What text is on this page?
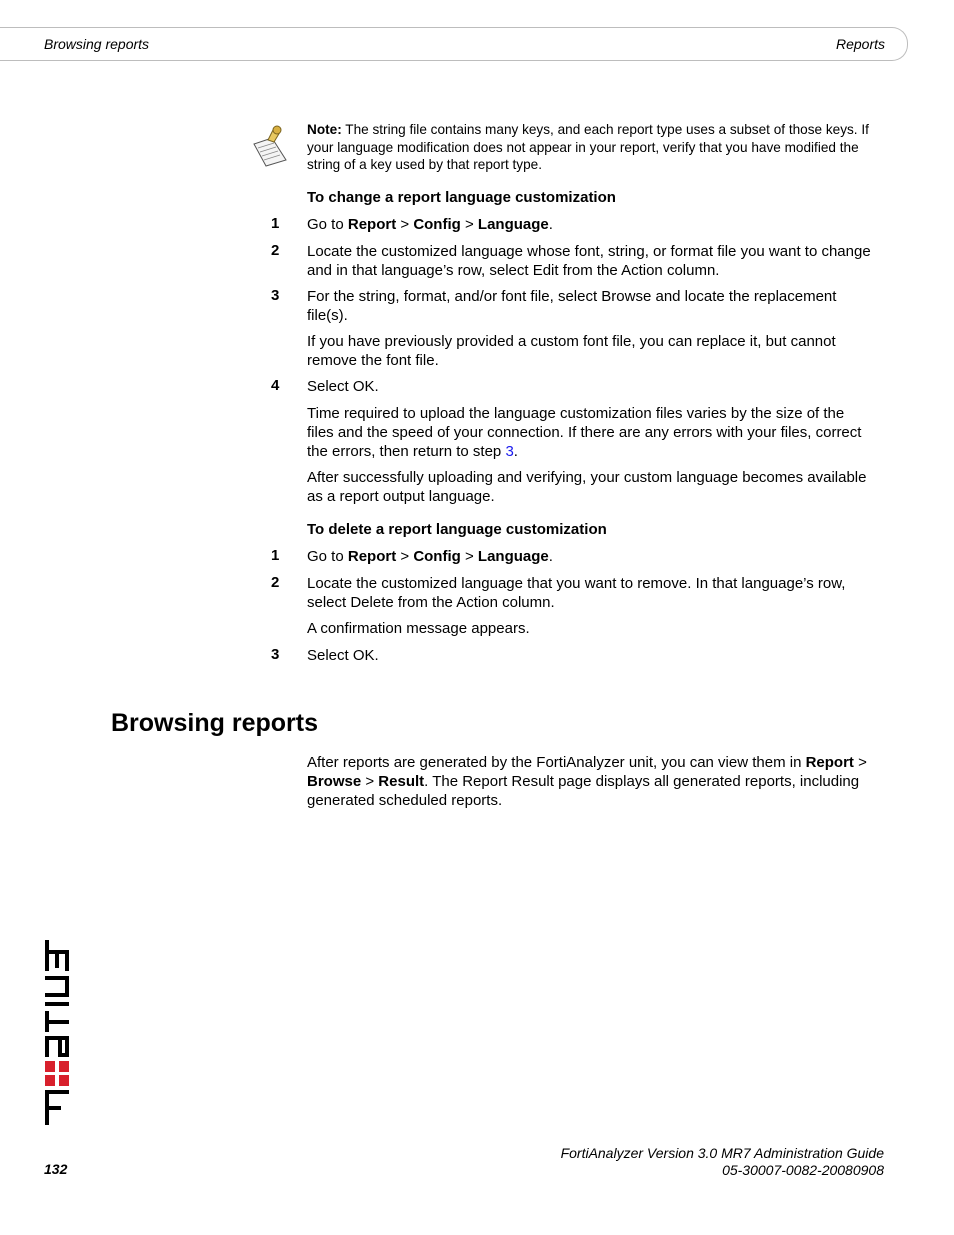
Browsing reports	Reports
Note: The string file contains many keys, and each report type uses a subset of those keys. If your language modification does not appear in your report, verify that you have modified the string of a key used by that report type.
To change a report language customization
1 Go to Report > Config > Language.
2 Locate the customized language whose font, string, or format file you want to change and in that language’s row, select Edit from the Action column.
3 For the string, format, and/or font file, select Browse and locate the replacement file(s).
If you have previously provided a custom font file, you can replace it, but cannot remove the font file.
4 Select OK.
Time required to upload the language customization files varies by the size of the files and the speed of your connection. If there are any errors with your files, correct the errors, then return to step 3.
After successfully uploading and verifying, your custom language becomes available as a report output language.
To delete a report language customization
1 Go to Report > Config > Language.
2 Locate the customized language that you want to remove. In that language’s row, select Delete from the Action column.
A confirmation message appears.
3 Select OK.
Browsing reports
After reports are generated by the FortiAnalyzer unit, you can view them in Report > Browse > Result. The Report Result page displays all generated reports, including generated scheduled reports.
132
FortiAnalyzer Version 3.0 MR7 Administration Guide
05-30007-0082-20080908
